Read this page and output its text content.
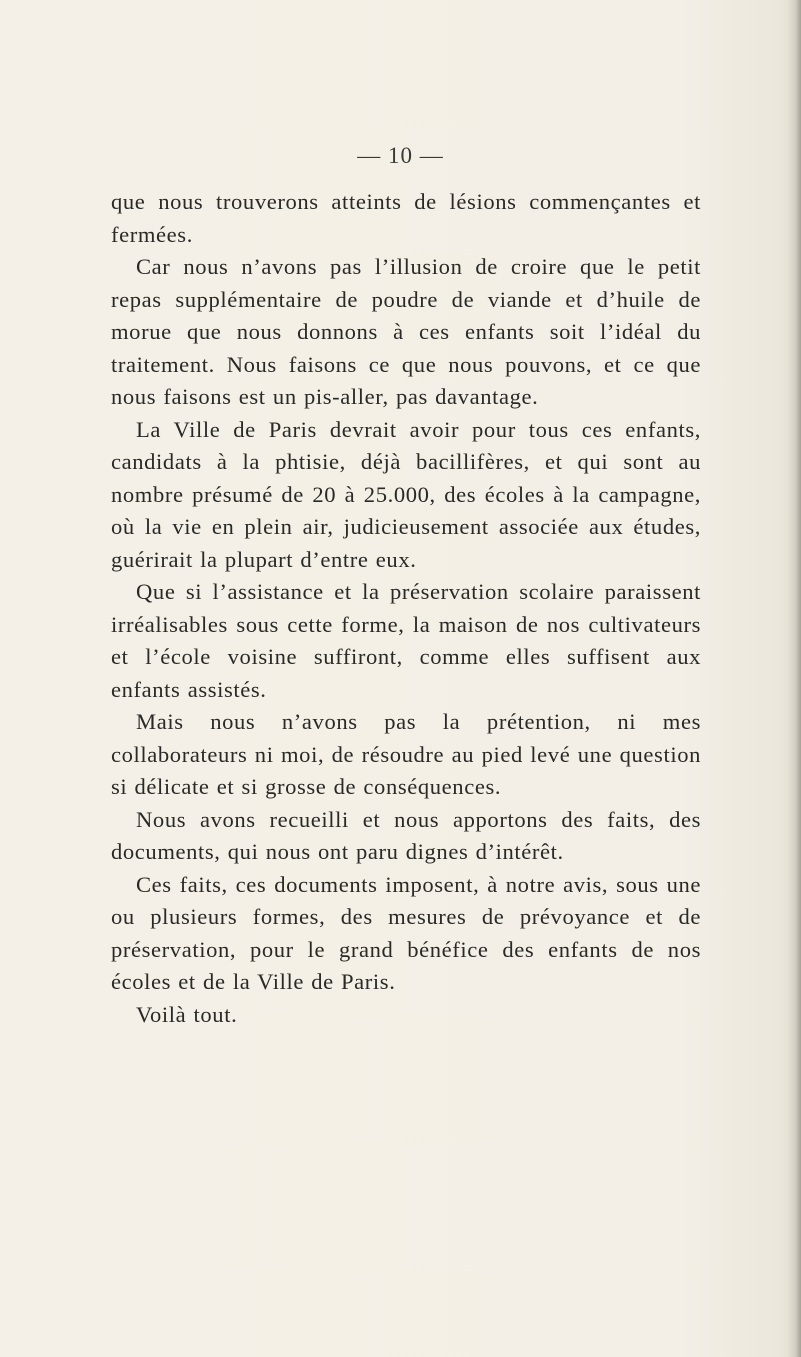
— 10 —

que nous trouverons atteints de lésions commençantes et fermées.

Car nous n’avons pas l’illusion de croire que le petit repas supplémentaire de poudre de viande et d’huile de morue que nous donnons à ces enfants soit l’idéal du traitement. Nous faisons ce que nous pouvons, et ce que nous faisons est un pis-aller, pas davantage.

La Ville de Paris devrait avoir pour tous ces enfants, candidats à la phtisie, déjà bacillifères, et qui sont au nombre présumé de 20 à 25.000, des écoles à la campagne, où la vie en plein air, judicieusement associée aux études, guérirait la plupart d’entre eux.

Que si l’assistance et la préservation scolaire paraissent irréalisables sous cette forme, la maison de nos cultivateurs et l’école voisine suffiront, comme elles suffisent aux enfants assistés.

Mais nous n’avons pas la prétention, ni mes collaborateurs ni moi, de résoudre au pied levé une question si délicate et si grosse de conséquences.

Nous avons recueilli et nous apportons des faits, des documents, qui nous ont paru dignes d’intérêt.

Ces faits, ces documents imposent, à notre avis, sous une ou plusieurs formes, des mesures de prévoyance et de préservation, pour le grand bénéfice des enfants de nos écoles et de la Ville de Paris.

Voilà tout.
